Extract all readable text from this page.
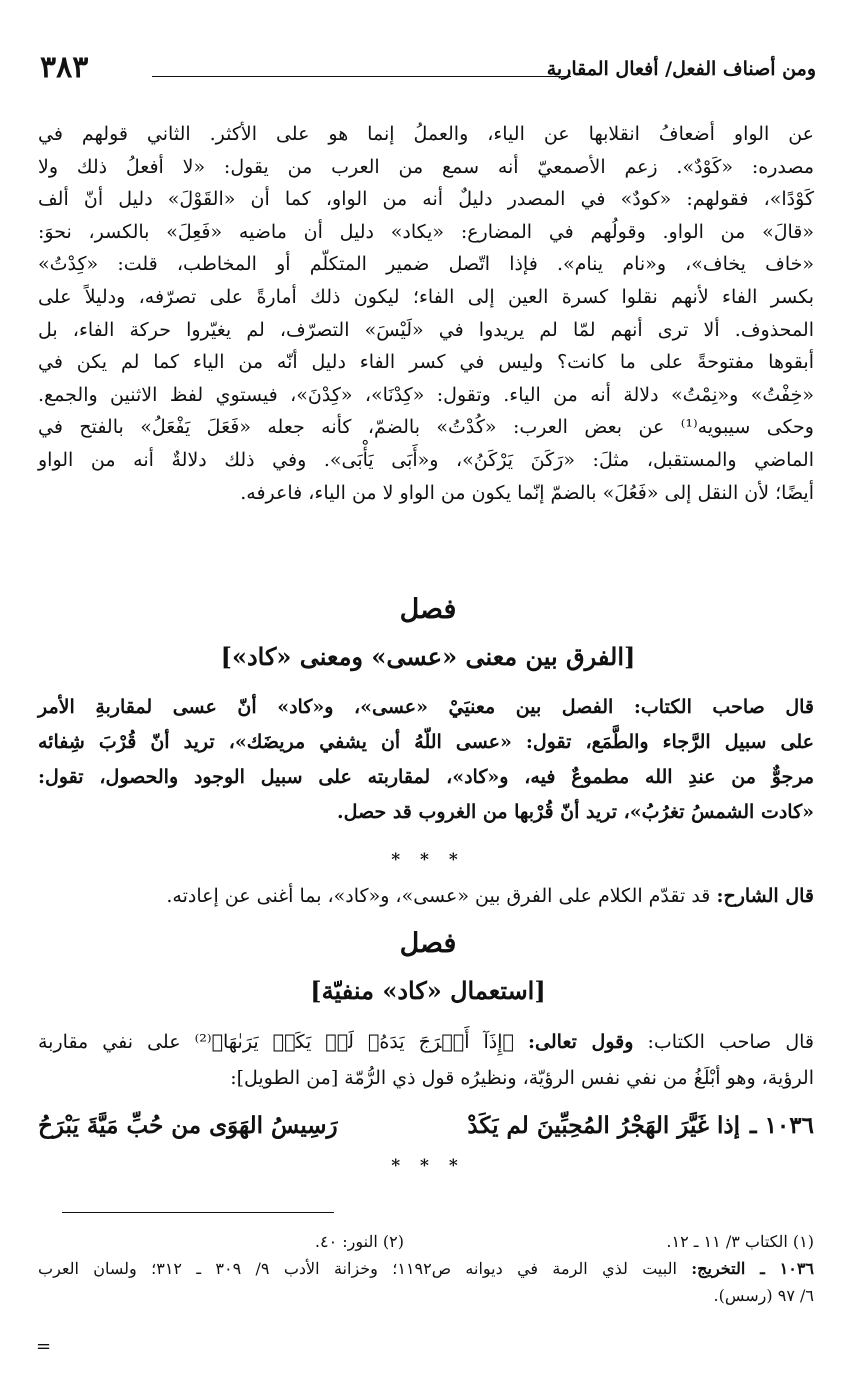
ومن أصناف الفعل/ أفعال المقاربة
٣٨٣

عن الواو أضعافُ انقلابها عن الياء، والعملُ إنما هو على الأكثر. الثاني قولهم في

مصدره: «كَوْدٌ». زعم الأصمعيّ أنه سمع من العرب من يقول: «لا أفعلُ ذلك ولا

كَوْدًا»، فقولهم: «كودٌ» في المصدر دليلٌ أنه من الواو، كما أن «القَوْلَ» دليل أنّ ألف

«قالَ» من الواو. وقولُهم في المضارع: «يكاد» دليل أن ماضيه «فَعِلَ» بالكسر، نحوَ:

«خاف يخاف»، و«نام ينام». فإذا اتّصل ضمير المتكلّم أو المخاطب، قلت: «كِدْتُ»

بكسر الفاء لأنهم نقلوا كسرة العين إلى الفاء؛ ليكون ذلك أمارةً على تصرّفه، ودليلاً على

المحذوف. ألا ترى أنهم لمّا لم يريدوا في «لَيْسَ» التصرّف، لم يغيّروا حركة الفاء، بل

أبقوها مفتوحةً على ما كانت؟ وليس في كسر الفاء دليل أنّه من الياء كما لم يكن في

«خِفْتُ» و«نِمْتُ» دلالة أنه من الياء. وتقول: «كِدْنَا»، «كِدْنَ»، فيستوي لفظ الاثنين والجمع.

وحكى سيبويه⁽¹⁾ عن بعض العرب: «كُدْتُ» بالضمّ، كأنه جعله «فَعَلَ يَفْعَلُ» بالفتح في

الماضي والمستقبل، مثلَ: «رَكَنَ يَرْكَنُ»، و«أَبَى يَأْبَى». وفي ذلك دلالةٌ أنه من الواو

أيضًا؛ لأن النقل إلى «فَعُلَ» بالضمّ إنّما يكون من الواو لا من الياء، فاعرفه.

فصل
[الفرق بين معنى «عسى» ومعنى «كاد»]

قال صاحب الكتاب: الفصل بين معنيَيْ «عسى»، و«كاد» أنّ عسى لمقاربةِ الأمر

على سبيل الرَّجاء والطَّمَع، تقول: «عسى اللّهُ أن يشفي مريضَك»، تريد أنّ قُرْبَ شِفائه

مرجوٌّ من عندِ الله مطموعٌ فيه، و«كاد»، لمقاربته على سبيل الوجود والحصول، تقول:

«كادت الشمسُ تغرُبُ»، تريد أنّ قُرْبها من الغروب قد حصل.

* * *

قال الشارح: قد تقدّم الكلام على الفرق بين «عسى»، و«كاد»، بما أغنى عن إعادته.

فصل
[استعمال «كاد» منفيّة]

قال صاحب الكتاب: وقول تعالى: ﴿إِذَآ أَخۡرَجَ يَدَهُۥ لَمۡ يَكَدۡ يَرَىٰهَا﴾⁽²⁾ على نفي مقاربة

الرؤية، وهو أبْلَغُ من نفي نفس الرؤيّة، ونظيرُه قول ذي الرُّمّة [من الطويل]:

١٠٣٦ ـ
إذا غَيَّرَ الهَجْرُ المُحِبِّينَ لم يَكَدْ
رَسِيسُ الهَوَى من حُبِّ مَيَّةَ يَبْرَحُ
* * *
(١) الكتاب ٣/ ١١ ـ ١٢.
(٢) النور: ٤٠.

١٠٣٦ ـ التخريج: البيت لذي الرمة في ديوانه ص١١٩٢؛ وخزانة الأدب ٩/ ٣٠٩ ـ ٣١٢؛ ولسان العرب

٦/ ٩٧ (رسس).

=
